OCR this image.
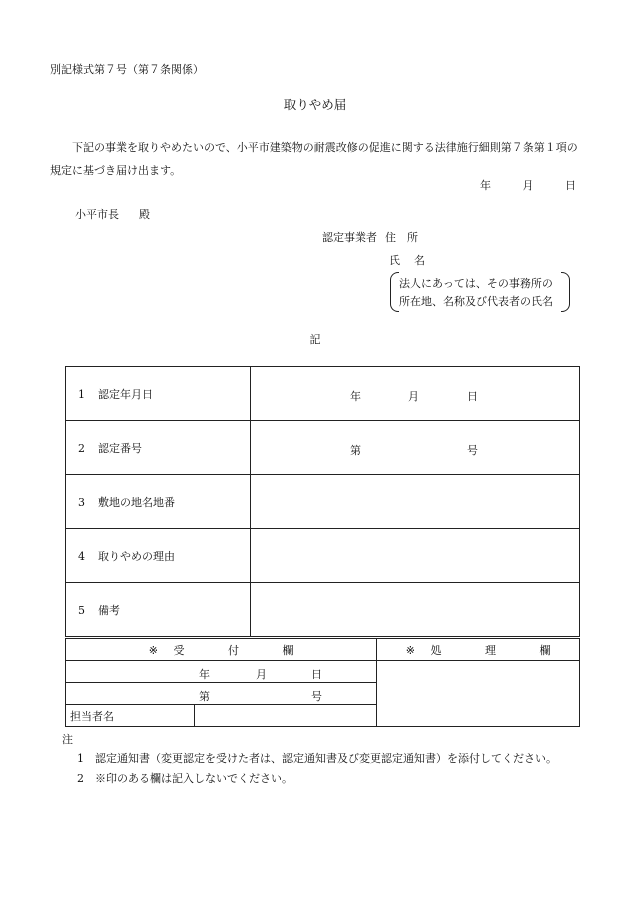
別記様式第７号（第７条関係）
取りやめ届
下記の事業を取りやめたいので、小平市建築物の耐震改修の促進に関する法律施行細則第７条第１項の
規定に基づき届け出ます。
年	月	日
小平市長 殿
認定事業者 住　所
氏 名
法人にあっては、その事務所の
所在地、名称及び代表者の氏名
記
1 認定年月日	年 月 日

2 認定番号	第 号

3 敷地の地名地番	
4 取りやめの理由	
5 備考	
※ 受 付 欄		※ 処 理 欄

年 月 日		

第 号		

担当者名		
注
1 認定通知書（変更認定を受けた者は、認定通知書及び変更認定通知書）を添付してください。
2 ※印のある欄は記入しないでください。
